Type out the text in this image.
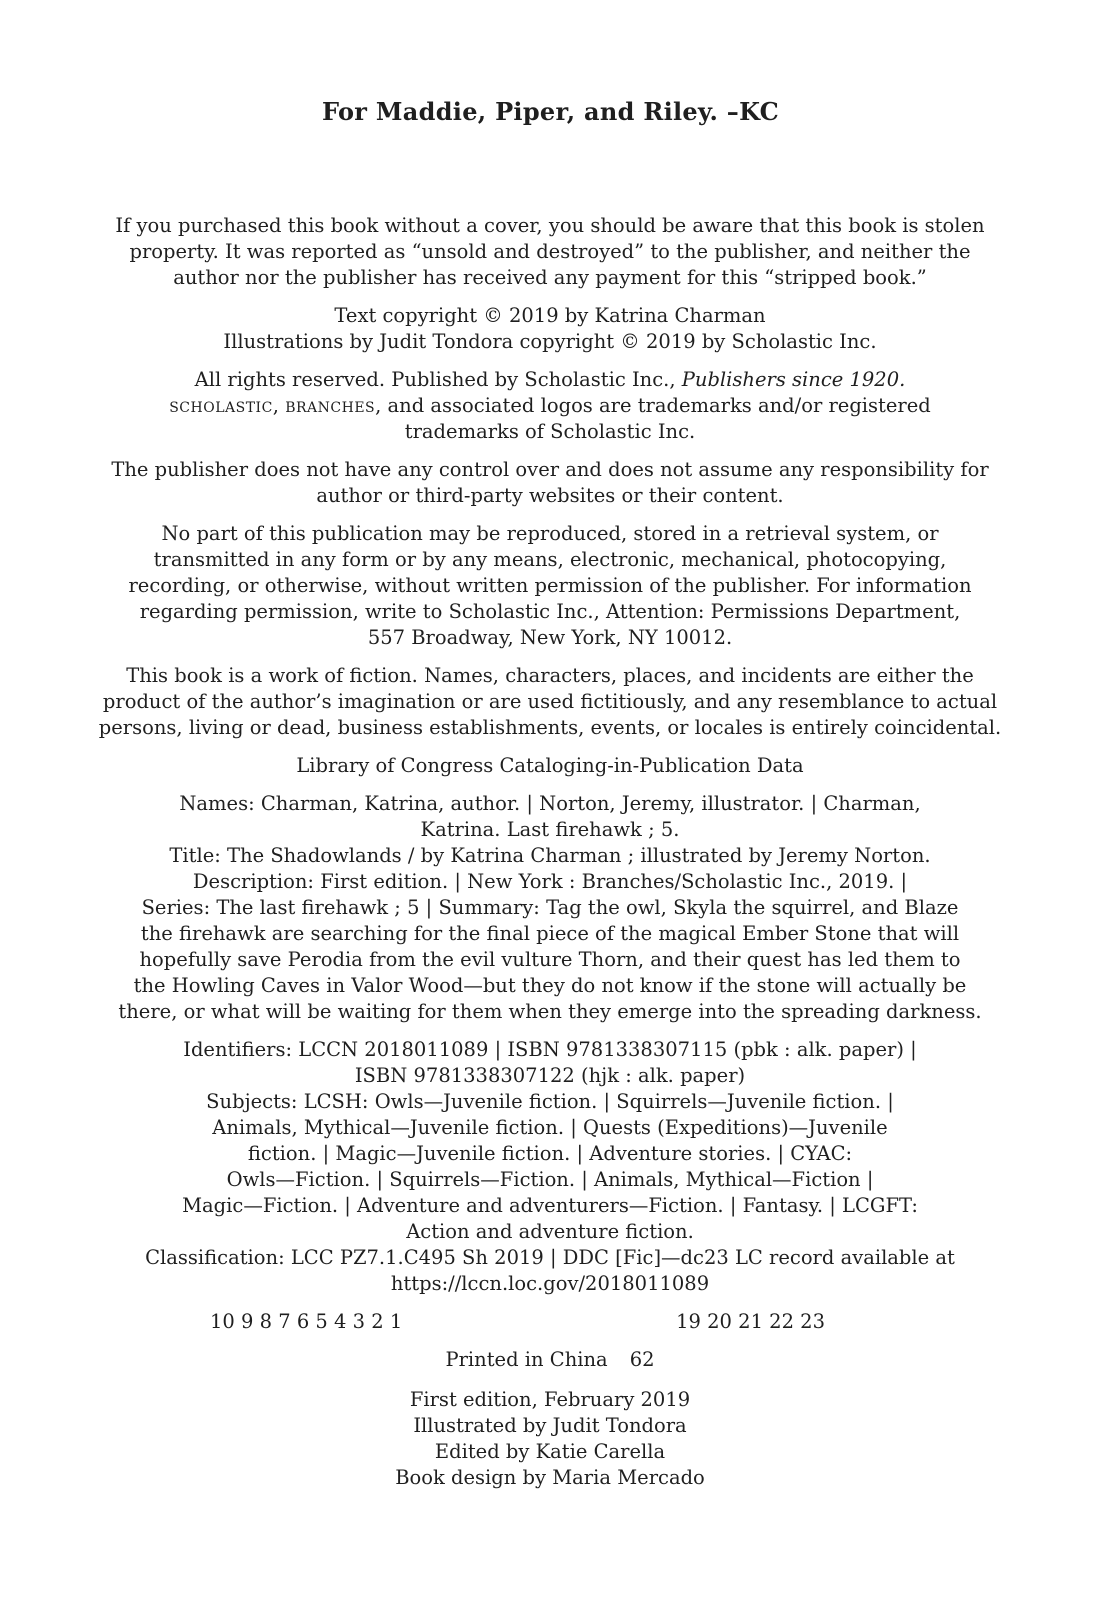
For Maddie, Piper, and Riley. –KC

If you purchased this book without a cover, you should be aware that this book is stolen

property. It was reported as “unsold and destroyed” to the publisher, and neither the

author nor the publisher has received any payment for this “stripped book.”

Text copyright © 2019 by Katrina Charman

Illustrations by Judit Tondora copyright © 2019 by Scholastic Inc.

All rights reserved. Published by Scholastic Inc., Publishers since 1920.

scholastic, branches, and associated logos are trademarks and/or registered

trademarks of Scholastic Inc.

The publisher does not have any control over and does not assume any responsibility for

author or third-party websites or their content.

No part of this publication may be reproduced, stored in a retrieval system, or

transmitted in any form or by any means, electronic, mechanical, photocopying,

recording, or otherwise, without written permission of the publisher. For information

regarding permission, write to Scholastic Inc., Attention: Permissions Department,

557 Broadway, New York, NY 10012.

This book is a work of fiction. Names, characters, places, and incidents are either the

product of the author’s imagination or are used fictitiously, and any resemblance to actual

persons, living or dead, business establishments, events, or locales is entirely coincidental.

Library of Congress Cataloging-in-Publication Data

Names: Charman, Katrina, author. | Norton, Jeremy, illustrator. | Charman,

Katrina. Last firehawk ; 5.

Title: The Shadowlands / by Katrina Charman ; illustrated by Jeremy Norton.

Description: First edition. | New York : Branches/Scholastic Inc., 2019. |

Series: The last firehawk ; 5 | Summary: Tag the owl, Skyla the squirrel, and Blaze

the firehawk are searching for the final piece of the magical Ember Stone that will

hopefully save Perodia from the evil vulture Thorn, and their quest has led them to

the Howling Caves in Valor Wood—but they do not know if the stone will actually be

there, or what will be waiting for them when they emerge into the spreading darkness.

Identifiers: LCCN 2018011089 | ISBN 9781338307115 (pbk : alk. paper) |

ISBN 9781338307122 (hjk : alk. paper)

Subjects: LCSH: Owls—Juvenile fiction. | Squirrels—Juvenile fiction. |

Animals, Mythical—Juvenile fiction. | Quests (Expeditions)—Juvenile

fiction. | Magic—Juvenile fiction. | Adventure stories. | CYAC:

Owls—Fiction. | Squirrels—Fiction. | Animals, Mythical—Fiction |

Magic—Fiction. | Adventure and adventurers—Fiction. | Fantasy. | LCGFT:

Action and adventure fiction.

Classification: LCC PZ7.1.C495 Sh 2019 | DDC [Fic]—dc23 LC record available at

https://lccn.loc.gov/2018011089

10 9 8 7 6 5 4 3 2 1	19 20 21 22 23
Printed in China 62

First edition, February 2019

Illustrated by Judit Tondora

Edited by Katie Carella

Book design by Maria Mercado
